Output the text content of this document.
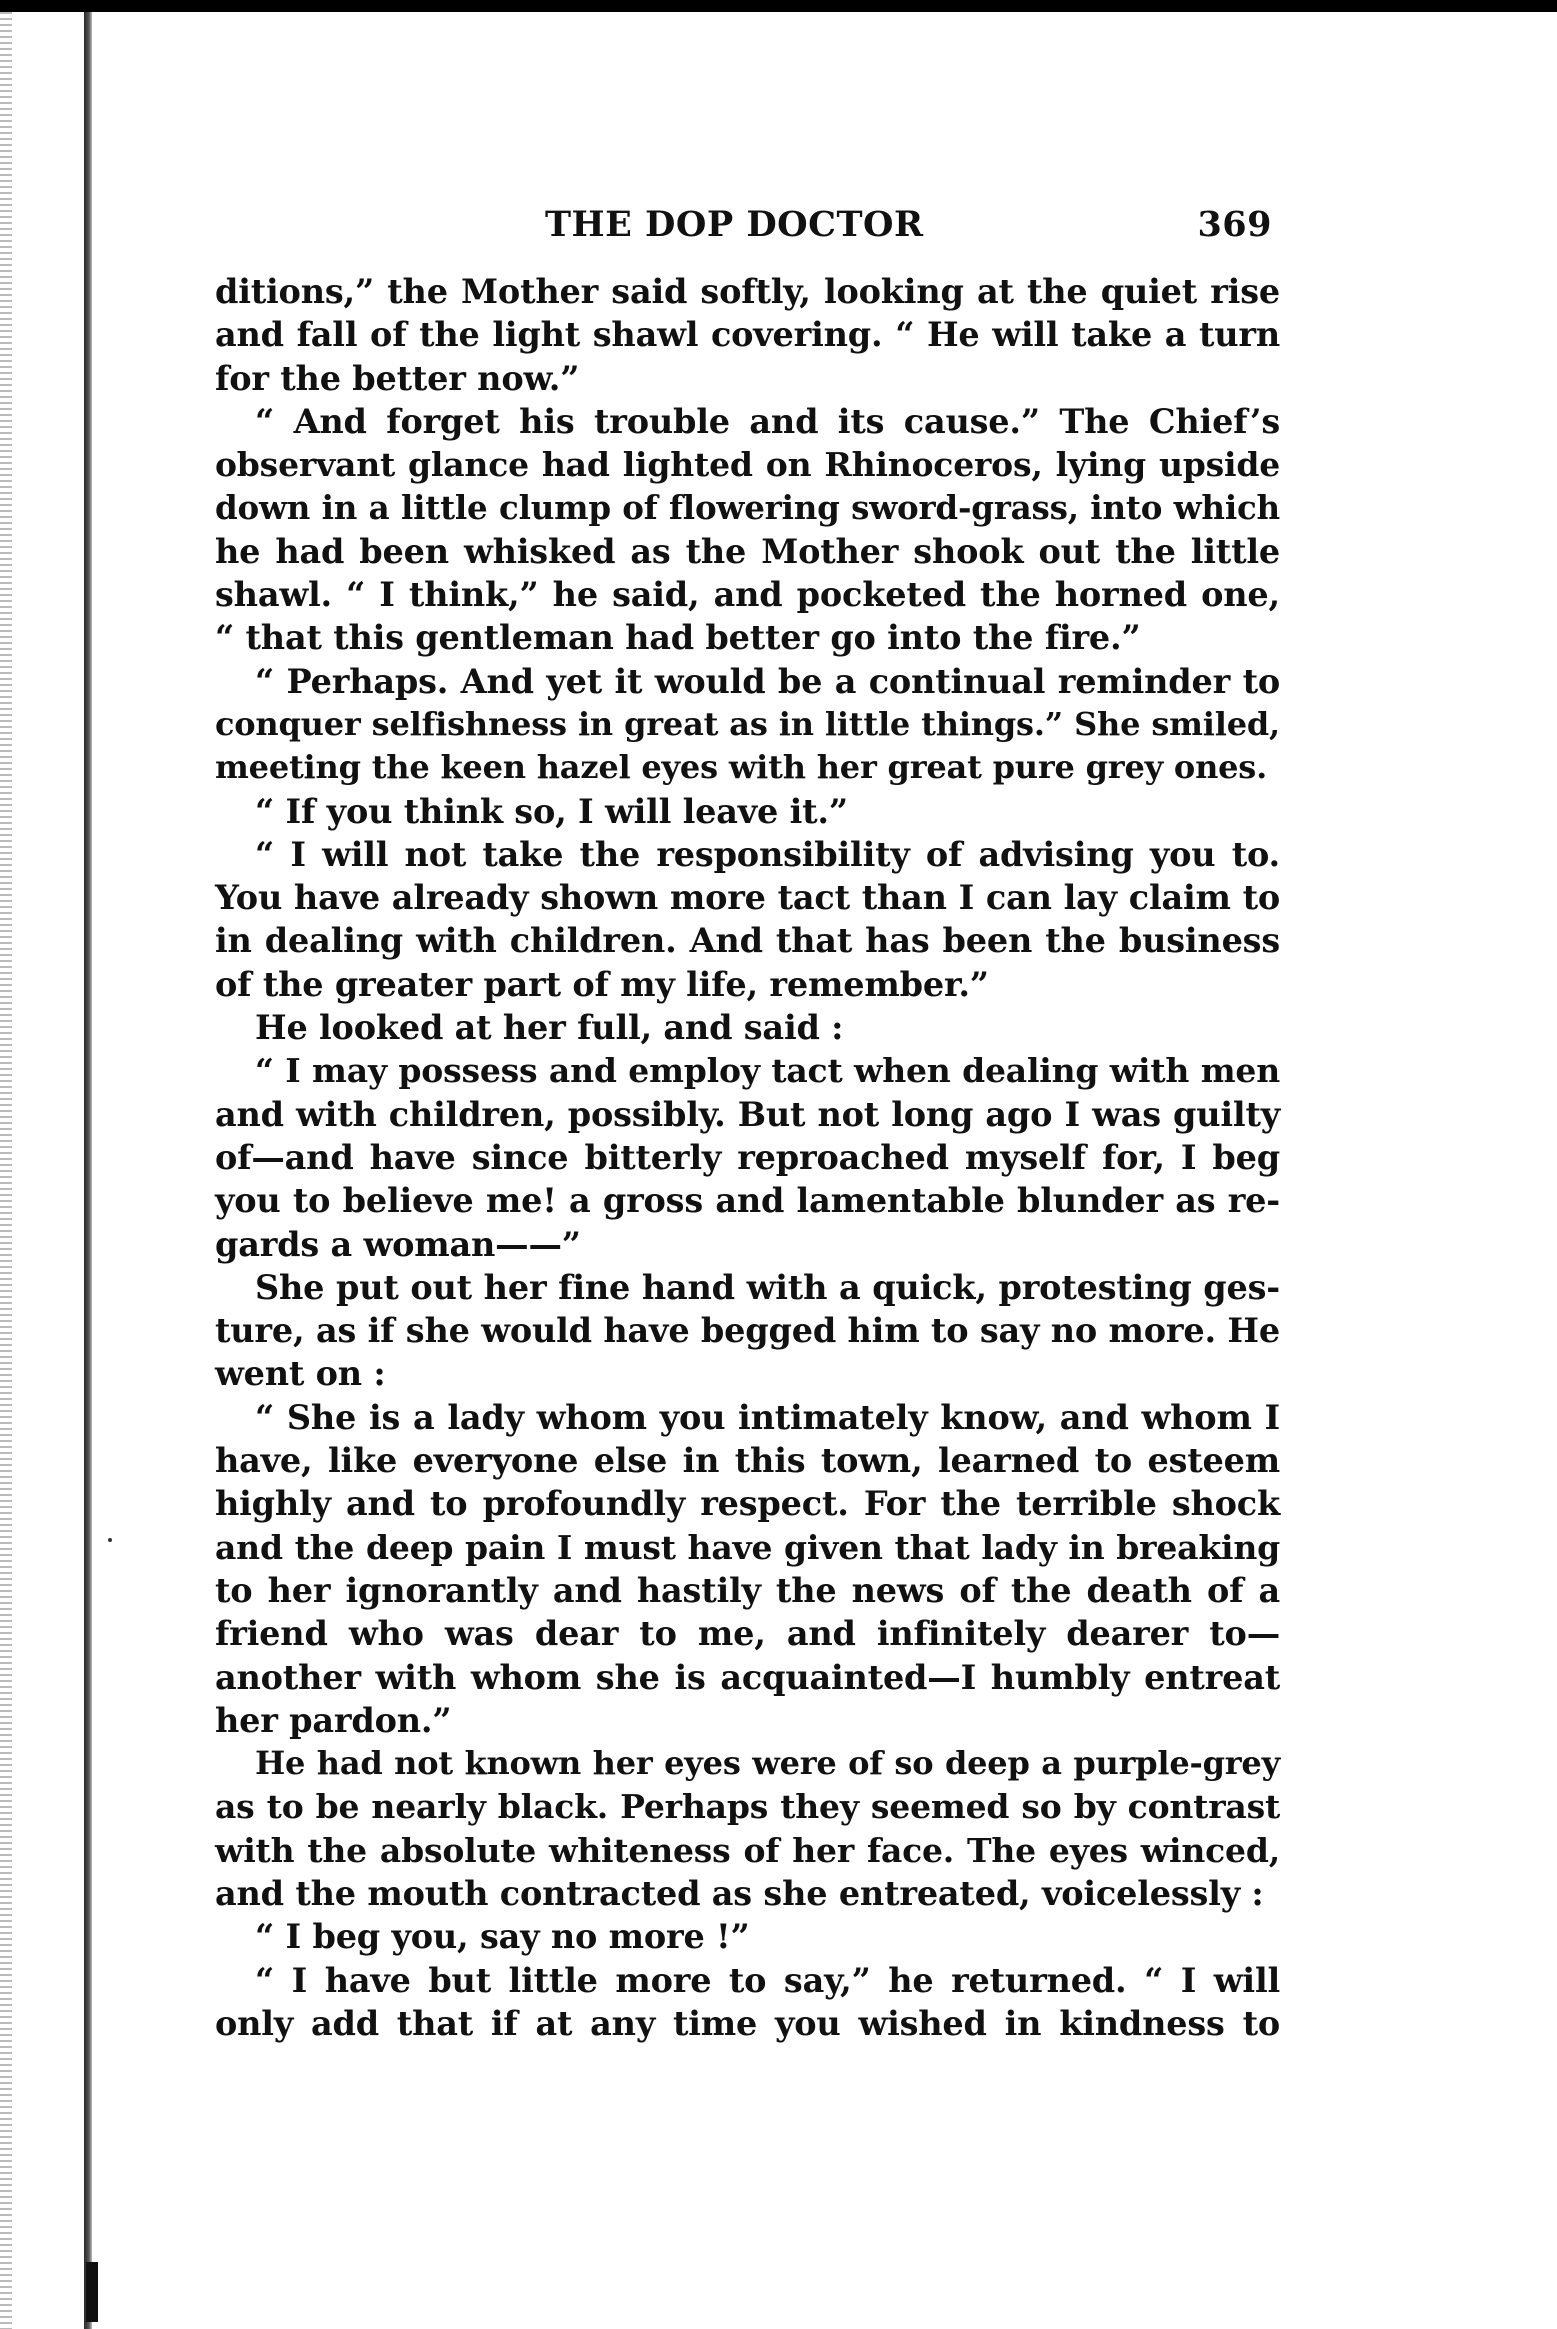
THE DOP DOCTOR	369
ditions,” the Mother said softly, looking at the quiet rise
and fall of the light shawl covering. “ He will take a turn
for the better now.”
“ And forget his trouble and its cause.” The Chief’s
observant glance had lighted on Rhinoceros, lying upside
down in a little clump of flowering sword-grass, into which
he had been whisked as the Mother shook out the little
shawl. “ I think,” he said, and pocketed the horned one,
“ that this gentleman had better go into the fire.”
“ Perhaps. And yet it would be a continual reminder to
conquer selfishness in great as in little things.” She smiled,
meeting the keen hazel eyes with her great pure grey ones.
“ If you think so, I will leave it.”
“ I will not take the responsibility of advising you to.
You have already shown more tact than I can lay claim to
in dealing with children. And that has been the business
of the greater part of my life, remember.”
He looked at her full, and said :
“ I may possess and employ tact when dealing with men
and with children, possibly. But not long ago I was guilty
of—and have since bitterly reproached myself for, I beg
you to believe me! a gross and lamentable blunder as re-
gards a woman——”
She put out her fine hand with a quick, protesting ges-
ture, as if she would have begged him to say no more. He
went on :
“ She is a lady whom you intimately know, and whom I
have, like everyone else in this town, learned to esteem
highly and to profoundly respect. For the terrible shock
and the deep pain I must have given that lady in breaking
to her ignorantly and hastily the news of the death of a
friend who was dear to me, and infinitely dearer to—
another with whom she is acquainted—I humbly entreat
her pardon.”
He had not known her eyes were of so deep a purple-grey
as to be nearly black. Perhaps they seemed so by contrast
with the absolute whiteness of her face. The eyes winced,
and the mouth contracted as she entreated, voicelessly :
“ I beg you, say no more !”
“ I have but little more to say,” he returned. “ I will
only add that if at any time you wished in kindness to
